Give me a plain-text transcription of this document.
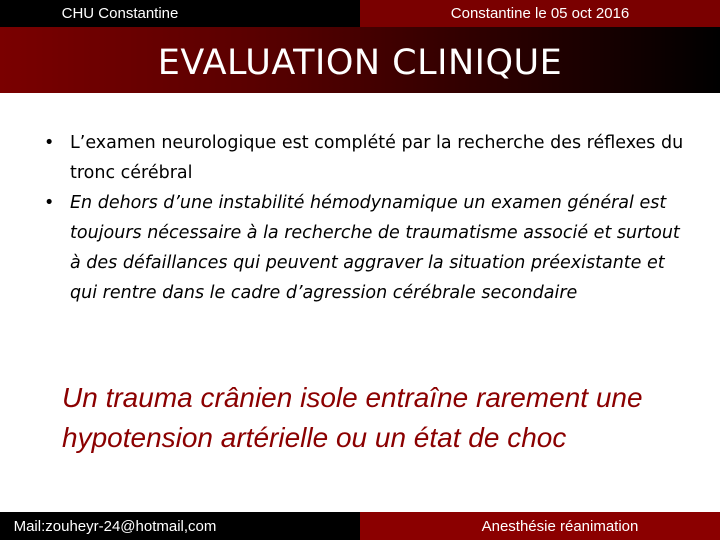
CHU Constantine	Constantine le 05 oct 2016
EVALUATION CLINIQUE
• L’examen neurologique est complété par la recherche des réflexes du tronc cérébral
• En dehors d’une instabilité hémodynamique un examen général est toujours nécessaire à la recherche de traumatisme associé et surtout à des défaillances qui peuvent aggraver la situation préexistante et qui rentre dans le cadre d’agression cérébrale secondaire
Un trauma crânien isole entraîne rarement une hypotension artérielle ou un état de choc
Mail:zouheyr-24@hotmail,com	Anesthésie réanimation
